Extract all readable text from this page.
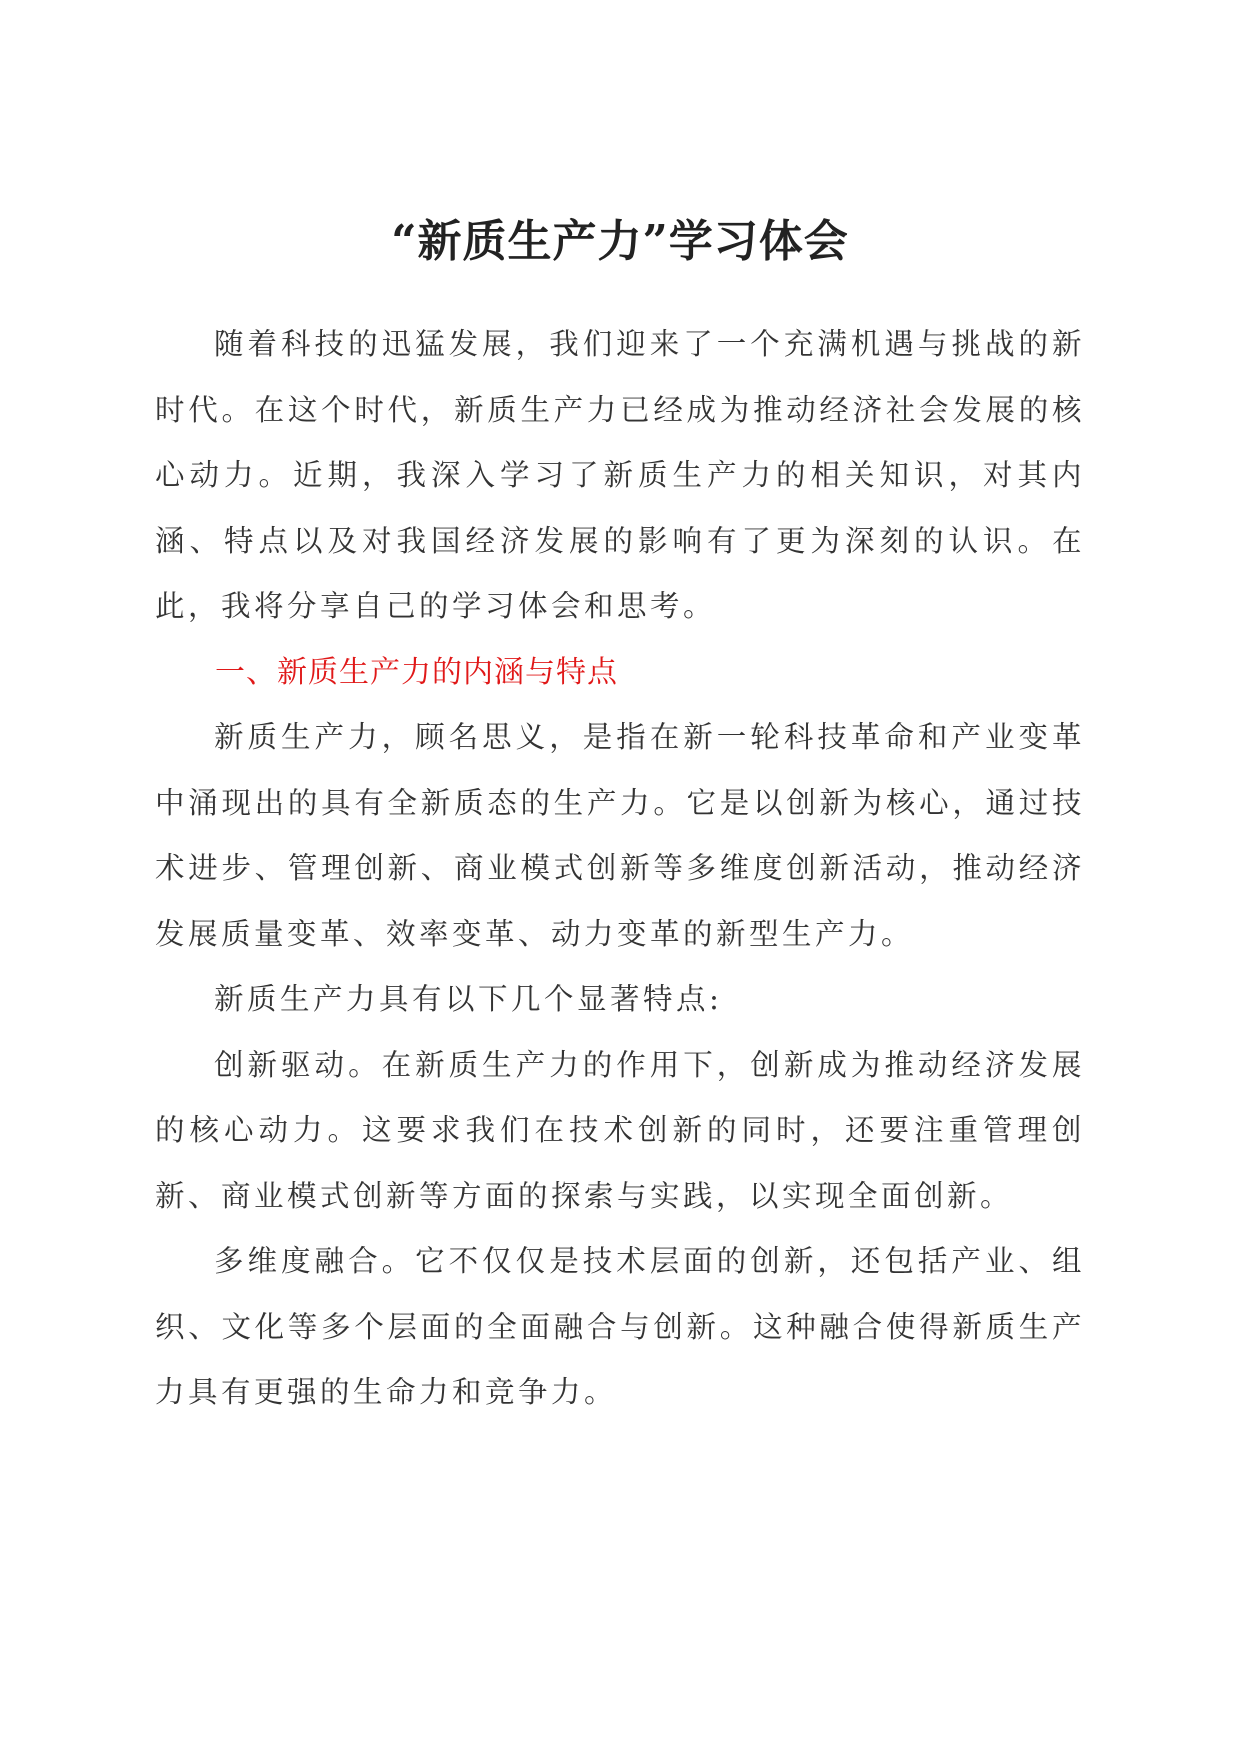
“新质生产力”学习体会

随着科技的迅猛发展，我们迎来了一个充满机遇与挑战的新时代。在这个时代，新质生产力已经成为推动经济社会发展的核心动力。近期，我深入学习了新质生产力的相关知识，对其内涵、特点以及对我国经济发展的影响有了更为深刻的认识。在此，我将分享自己的学习体会和思考。

一、新质生产力的内涵与特点

新质生产力，顾名思义，是指在新一轮科技革命和产业变革中涌现出的具有全新质态的生产力。它是以创新为核心，通过技术进步、管理创新、商业模式创新等多维度创新活动，推动经济发展质量变革、效率变革、动力变革的新型生产力。

新质生产力具有以下几个显著特点:

创新驱动。在新质生产力的作用下，创新成为推动经济发展的核心动力。这要求我们在技术创新的同时，还要注重管理创新、商业模式创新等方面的探索与实践，以实现全面创新。

多维度融合。它不仅仅是技术层面的创新，还包括产业、组织、文化等多个层面的全面融合与创新。这种融合使得新质生产力具有更强的生命力和竞争力。
